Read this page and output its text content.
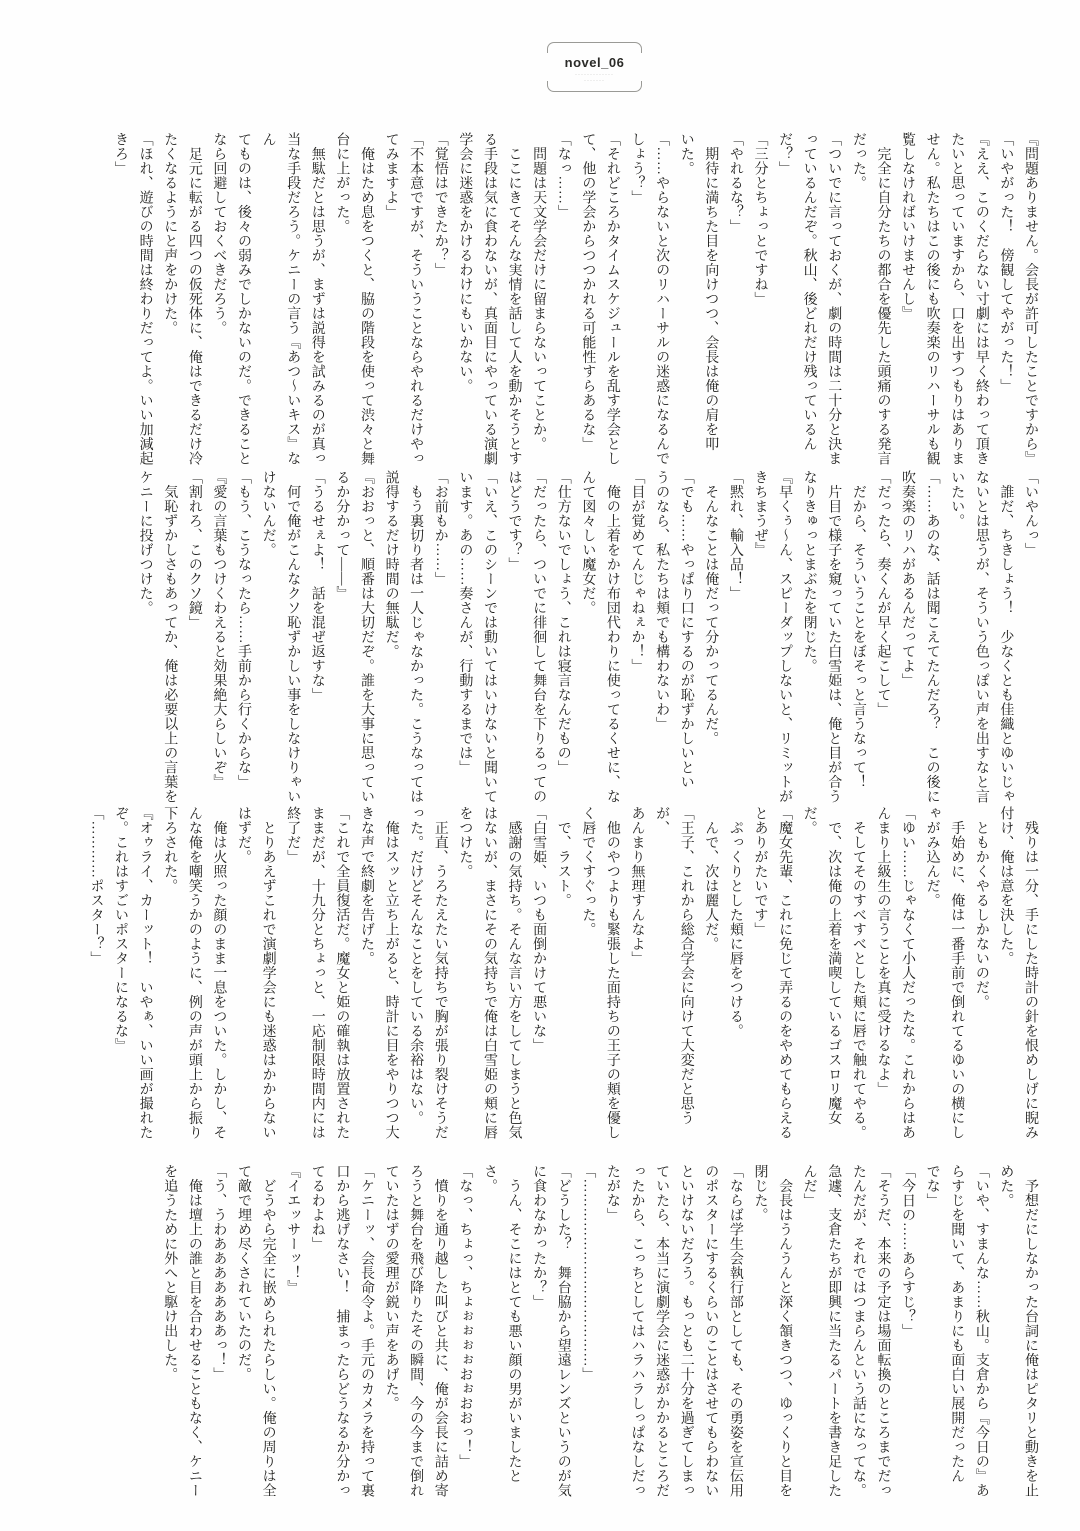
novel_06
･････････････
･･･････

『問題ありません。会長が許可したことですから』

「いやがった！　傍観してやがった！」

『ええ、このくだらない寸劇には早く終わって頂き

たいと思っていますから、口を出すつもりはありま

せん。私たちはこの後にも吹奏楽のリハーサルも観

覧しなければいけませんし』

　完全に自分たちの都合を優先した頭痛のする発言

だった。

「ついでに言っておくが、劇の時間は二十分と決ま

っているんだぞ。秋山、後どれだけ残っているん

だ？」

「三分とちょっとですね」

「やれるな？」

　期待に満ちた目を向けつつ、会長は俺の肩を叩

いた。

「……やらないと次のリハーサルの迷惑になるんで

しょう？」

「それどころかタイムスケジュールを乱す学会とし

て、他の学会からつつかれる可能性すらあるな」

「なっ……」

　問題は天文学会だけに留まらないってことか。

　ここにきてそんな実情を話して人を動かそうとす

る手段は気に食わないが、真面目にやっている演劇

学会に迷惑をかけるわけにもいかない。

「覚悟はできたか？」

「不本意ですが、そういうことならやれるだけやっ

てみますよ」

　俺はため息をつくと、脇の階段を使って渋々と舞

台に上がった。

　無駄だとは思うが、まずは説得を試みるのが真っ

当な手段だろう。ケニーの言う『あつ〜いキス』なん

てものは、後々の弱みでしかないのだ。できること

なら回避しておくべきだろう。

　足元に転がる四つの仮死体に、俺はできるだけ冷

たくなるようにと声をかけた。

「ほれ、遊びの時間は終わりだってよ。いい加減起

きろ」

「いやんっ」

　誰だ、ちきしょう！　少なくとも佳織とゆいじゃ

ないとは思うが、そういう色っぽい声を出すなと言

いたい。

「……あのな、話は聞こえてたんだろ？　この後に

吹奏楽のリハがあるんだってよ」

「だったら、奏くんが早く起こして」

　だから、そういうことをぼそっと言うなって！

　片目で様子を窺っていた白雪姫は、俺と目が合う

なりきゅっとまぶたを閉じた。

『早くぅ〜ん、スピーダップしないと、リミットが

きちまうぜ』

「黙れ、輸入品！」

　そんなことは俺だって分かってるんだ。

「でも……やっぱり口にするのが恥ずかしいとい

うのなら、私たちは頬でも構わないわ」

「目が覚めてんじゃねぇか！」

　俺の上着をかけ布団代わりに使ってるくせに、な

んて図々しい魔女だ。

「仕方ないでしょう、これは寝言なんだもの」

「だったら、ついでに徘徊して舞台を下りるっての

はどうです？」

「いえ、このシーンでは動いてはいけないと聞いて

います。あの……奏さんが、行動するまでは」

「お前もか……」

　もう裏切り者は一人じゃなかった。こうなっては

説得するだけ時間の無駄だ。

『おおっと、順番は大切だぞ。誰を大事に思ってい

るか分かって――』

「うるせぇよ！　話を混ぜ返すな」

　何で俺がこんなクソ恥ずかしい事をしなけりゃい

けないんだ。

「もう、こうなったら……手前から行くからな」

『愛の言葉もつけくわえると効果絶大らしいぞ』

「割れろ、このクソ鏡」

　気恥ずかしさもあってか、俺は必要以上の言葉を

ケニーに投げつけた。

　残りは一分、手にした時計の針を恨めしげに睨み

付け、俺は意を決した。

　ともかくやるしかないのだ。

　手始めに、俺は一番手前で倒れてるゆいの横にし

ゃがみ込んだ。

「ゆい……じゃなくて小人だったな。これからはあ

んまり上級生の言うことを真に受けるなよ」

　そしてそのすべすべとした頬に唇で触れてやる。

　で、次は俺の上着を満喫しているゴスロリ魔女だ。

「魔女先輩、これに免じて弄るのをやめてもらえる

とありがたいです」

　ぷっくりとした頬に唇をつける。

　んで、次は麗人だ。

「王子、これから総合学会に向けて大変だと思うが、

あんまり無理すんなよ」

　他のやつよりも緊張した面持ちの王子の頬を優し

く唇でくすぐった。

　で、ラスト。

「白雪姫、いつも面倒かけて悪いな」

　感謝の気持ち。そんな言い方をしてしまうと色気

はないが、まさにその気持ちで俺は白雪姫の頬に唇

をつけた。

　正直、うろたえたい気持ちで胸が張り裂けそうだ

った。だけどそんなことをしている余裕はない。

　俺はスッと立ち上がると、時計に目をやりつつ大

きな声で終劇を告げた。

「これで全員復活だ。魔女と姫の確執は放置された

ままだが、十九分とちょっと、一応制限時間内には

終了だ」

　とりあえずこれで演劇学会にも迷惑はかからない

はずだ。

　俺は火照った顔のまま一息をついた。しかし、そ

んな俺を嘲笑うかのように、例の声が頭上から振り

下ろされた。

『オゥライ、カーット！　いやぁ、いい画が撮れた

ぞ。これはすごいポスターになるな』

「…………ポスター？」

　予想だにしなかった台詞に俺はピタリと動きを止

めた。

「いや、すまんな……秋山。支倉から『今日の』あ

らすじを聞いて、あまりにも面白い展開だったん

でな」

「今日の……あらすじ？」

「そうだ、本来の予定は場面転換のところまでだっ

たんだが、それではつまらんという話になってな。

急遽、支倉たちが即興に当たるパートを書き足した

んだ」

　会長はうんうんと深く頷きつつ、ゆっくりと目を

閉じた。

「ならば学生会執行部としても、その勇姿を宣伝用

のポスターにするくらいのことはさせてもらわない

といけないだろう。もっとも二十分を過ぎてしまっ

ていたら、本当に演劇学会に迷惑がかかるところだ

ったから、こっちとしてはハラハラしっぱなしだっ

たがな」

「…………………………………」

「どうした？　舞台脇から望遠レンズというのが気

に食わなかったか？」

　うん、そこにはとても悪い顔の男がいましたとさ。

「なっ、ちょっ、ちょぉぉぉぉおぉおおっ！」

　憤りを通り越した叫びと共に、俺が会長に詰め寄

ろうと舞台を飛び降りたその瞬間、今の今まで倒れ

ていたはずの愛理が鋭い声をあげた。

「ケニーッ、会長命令よ。手元のカメラを持って裏

口から逃げなさい！　捕まったらどうなるか分かっ

てるわよね」

『イエッサーッ！』

　どうやら完全に嵌められたらしい。俺の周りは全

て敵で埋め尽くされていたのだ。

「う、うわあああああああっ！」

　俺は壇上の誰と目を合わせることもなく、ケニー

を追うために外へと駆け出した。
